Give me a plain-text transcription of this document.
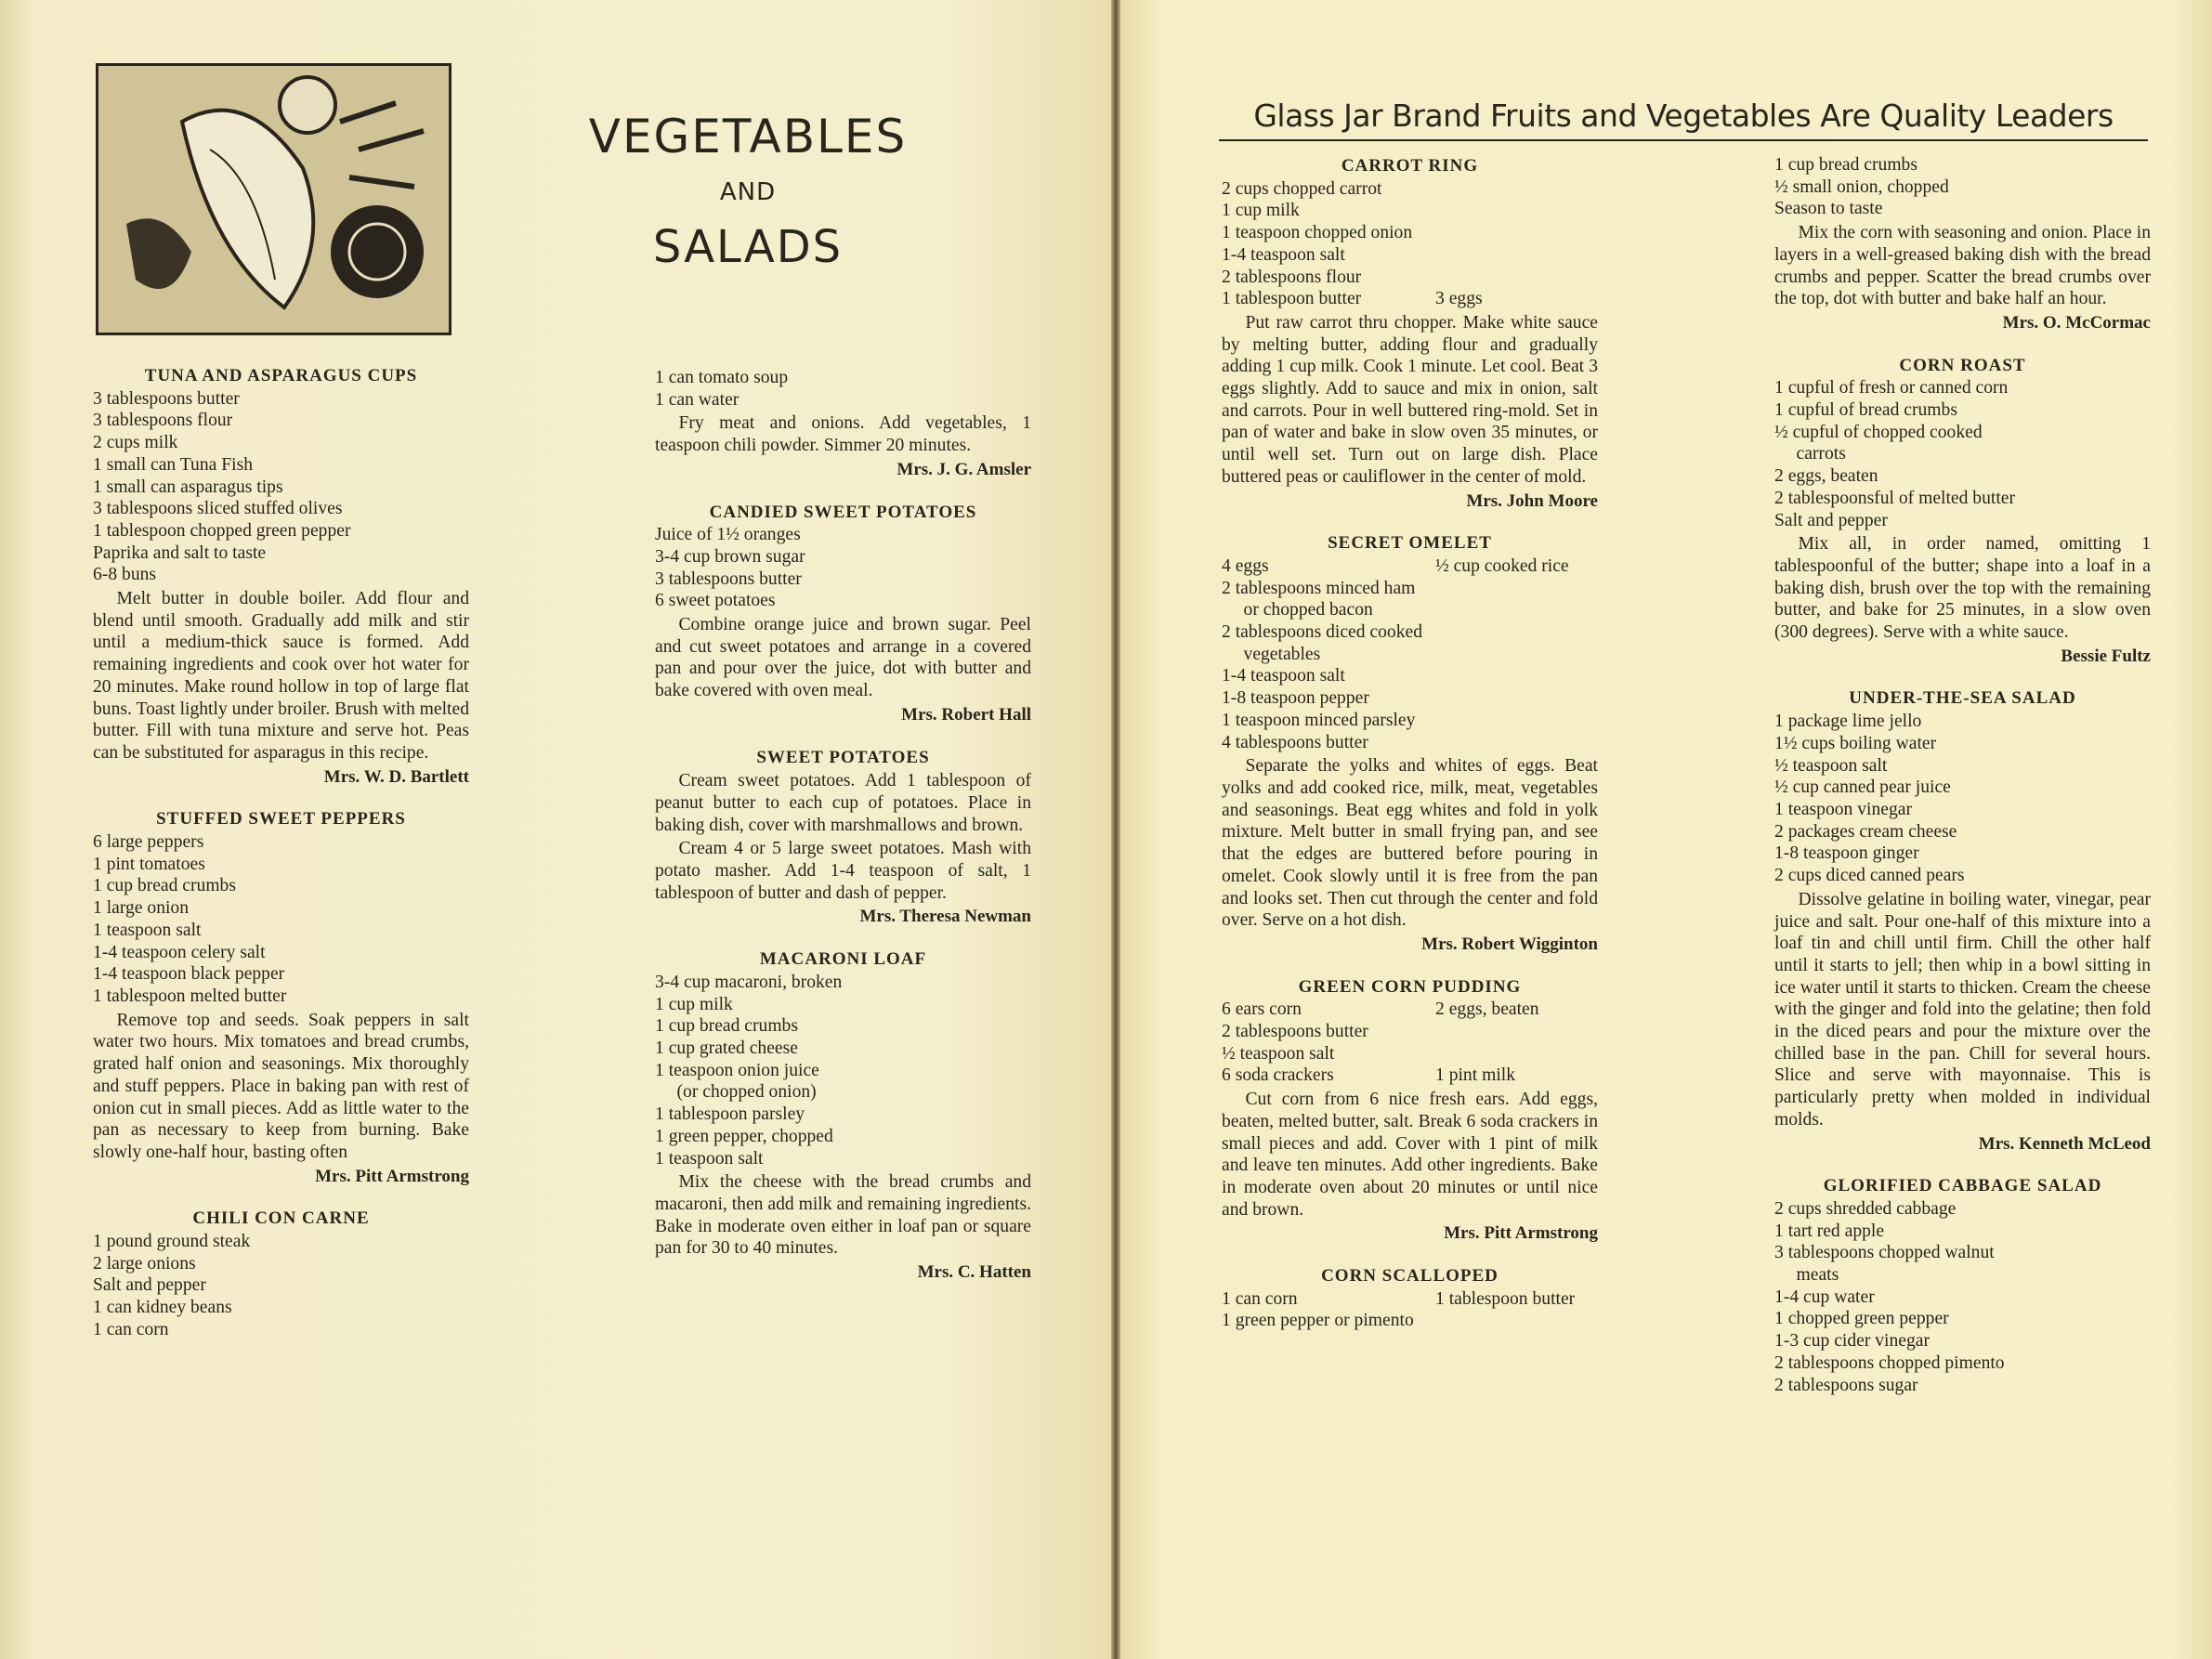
VEGETABLES
AND
SALADS
Glass Jar Brand Fruits and Vegetables Are Quality Leaders
TUNA AND ASPARAGUS CUPS
3 tablespoons butter
3 tablespoons flour
2 cups milk
1 small can Tuna Fish
1 small can asparagus tips
3 tablespoons sliced stuffed olives
1 tablespoon chopped green pepper
Paprika and salt to taste
6-8 buns
Melt butter in double boiler. Add flour and blend until smooth. Gradually add milk and stir until a medium-thick sauce is formed. Add remaining ingredients and cook over hot water for 20 minutes. Make round hollow in top of large flat buns. Toast lightly under broiler. Brush with melted butter. Fill with tuna mixture and serve hot. Peas can be substituted for asparagus in this recipe.
Mrs. W. D. Bartlett
STUFFED SWEET PEPPERS
6 large peppers
1 pint tomatoes
1 cup bread crumbs
1 large onion
1 teaspoon salt
1-4 teaspoon celery salt
1-4 teaspoon black pepper
1 tablespoon melted butter
Remove top and seeds. Soak peppers in salt water two hours. Mix tomatoes and bread crumbs, grated half onion and seasonings. Mix thoroughly and stuff peppers. Place in baking pan with rest of onion cut in small pieces. Add as little water to the pan as necessary to keep from burning. Bake slowly one-half hour, basting often
Mrs. Pitt Armstrong
CHILI CON CARNE
1 pound ground steak
2 large onions
Salt and pepper
1 can kidney beans
1 can corn
1 can tomato soup
1 can water
Fry meat and onions. Add vegetables, 1 teaspoon chili powder. Simmer 20 minutes.
Mrs. J. G. Amsler
CANDIED SWEET POTATOES
Juice of 1½ oranges
3-4 cup brown sugar
3 tablespoons butter
6 sweet potatoes
Combine orange juice and brown sugar. Peel and cut sweet potatoes and arrange in a covered pan and pour over the juice, dot with butter and bake covered with oven meal.
Mrs. Robert Hall
SWEET POTATOES
Cream sweet potatoes. Add 1 tablespoon of peanut butter to each cup of potatoes. Place in baking dish, cover with marshmallows and brown.
Cream 4 or 5 large sweet potatoes. Mash with potato masher. Add 1-4 teaspoon of salt, 1 tablespoon of butter and dash of pepper.
Mrs. Theresa Newman
MACARONI LOAF
3-4 cup macaroni, broken
1 cup milk
1 cup bread crumbs
1 cup grated cheese
1 teaspoon onion juice
(or chopped onion)
1 tablespoon parsley
1 green pepper, chopped
1 teaspoon salt
Mix the cheese with the bread crumbs and macaroni, then add milk and remaining ingredients. Bake in moderate oven either in loaf pan or square pan for 30 to 40 minutes.
Mrs. C. Hatten
CARROT RING
2 cups chopped carrot
1 cup milk
1 teaspoon chopped onion
1-4 teaspoon salt
2 tablespoons flour
1 tablespoon butter	3 eggs
Put raw carrot thru chopper. Make white sauce by melting butter, adding flour and gradually adding 1 cup milk. Cook 1 minute. Let cool. Beat 3 eggs slightly. Add to sauce and mix in onion, salt and carrots. Pour in well buttered ring-mold. Set in pan of water and bake in slow oven 35 minutes, or until well set. Turn out on large dish. Place buttered peas or cauliflower in the center of mold.
Mrs. John Moore
SECRET OMELET
4 eggs	½ cup cooked rice
2 tablespoons minced ham
or chopped bacon
2 tablespoons diced cooked
vegetables
1-4 teaspoon salt
1-8 teaspoon pepper
1 teaspoon minced parsley
4 tablespoons butter
Separate the yolks and whites of eggs. Beat yolks and add cooked rice, milk, meat, vegetables and seasonings. Beat egg whites and fold in yolk mixture. Melt butter in small frying pan, and see that the edges are buttered before pouring in omelet. Cook slowly until it is free from the pan and looks set. Then cut through the center and fold over. Serve on a hot dish.
Mrs. Robert Wigginton
GREEN CORN PUDDING
6 ears corn	2 eggs, beaten
2 tablespoons butter
½ teaspoon salt
6 soda crackers	1 pint milk
Cut corn from 6 nice fresh ears. Add eggs, beaten, melted butter, salt. Break 6 soda crackers in small pieces and add. Cover with 1 pint of milk and leave ten minutes. Add other ingredients. Bake in moderate oven about 20 minutes or until nice and brown.
Mrs. Pitt Armstrong
CORN SCALLOPED
1 can corn	1 tablespoon butter
1 green pepper or pimento
1 cup bread crumbs
½ small onion, chopped
Season to taste
Mix the corn with seasoning and onion. Place in layers in a well-greased baking dish with the bread crumbs and pepper. Scatter the bread crumbs over the top, dot with butter and bake half an hour.
Mrs. O. McCormac
CORN ROAST
1 cupful of fresh or canned corn
1 cupful of bread crumbs
½ cupful of chopped cooked
carrots
2 eggs, beaten
2 tablespoonsful of melted butter
Salt and pepper
Mix all, in order named, omitting 1 tablespoonful of the butter; shape into a loaf in a baking dish, brush over the top with the remaining butter, and bake for 25 minutes, in a slow oven (300 degrees). Serve with a white sauce.
Bessie Fultz
UNDER-THE-SEA SALAD
1 package lime jello
1½ cups boiling water
½ teaspoon salt
½ cup canned pear juice
1 teaspoon vinegar
2 packages cream cheese
1-8 teaspoon ginger
2 cups diced canned pears
Dissolve gelatine in boiling water, vinegar, pear juice and salt. Pour one-half of this mixture into a loaf tin and chill until firm. Chill the other half until it starts to jell; then whip in a bowl sitting in ice water until it starts to thicken. Cream the cheese with the ginger and fold into the gelatine; then fold in the diced pears and pour the mixture over the chilled base in the pan. Chill for several hours. Slice and serve with mayonnaise. This is particularly pretty when molded in individual molds.
Mrs. Kenneth McLeod
GLORIFIED CABBAGE SALAD
2 cups shredded cabbage
1 tart red apple
3 tablespoons chopped walnut
meats
1-4 cup water
1 chopped green pepper
1-3 cup cider vinegar
2 tablespoons chopped pimento
2 tablespoons sugar
